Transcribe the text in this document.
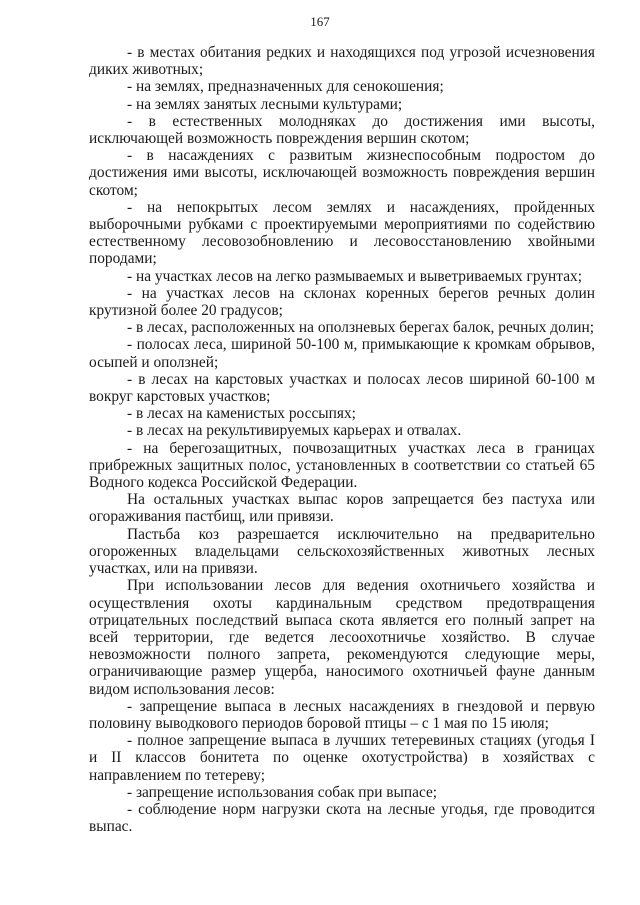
167

- в местах обитания редких и находящихся под угрозой исчезновения диких животных;

- на землях, предназначенных для сенокошения;

- на землях занятых лесными культурами;

- в естественных молодняках до достижения ими высоты, исключающей возможность повреждения вершин скотом;

- в насаждениях с развитым жизнеспособным подростом до достижения ими высоты, исключающей возможность повреждения вершин скотом;

- на непокрытых лесом землях и насаждениях, пройденных выборочными рубками с проектируемыми мероприятиями по содействию естественному лесовозобновлению и лесовосстановлению хвойными породами;

- на участках лесов на легко размываемых и выветриваемых грунтах;

- на участках лесов на склонах коренных берегов речных долин крутизной более 20 градусов;

- в лесах, расположенных на оползневых берегах балок, речных долин;

- полосах леса, шириной 50-100 м, примыкающие к кромкам обрывов, осыпей и оползней;

- в лесах на карстовых участках и полосах лесов шириной 60-100 м вокруг карстовых участков;

- в лесах на каменистых россыпях;

- в лесах на рекультивируемых карьерах и отвалах.

- на берегозащитных, почвозащитных участках леса в границах прибрежных защитных полос, установленных в соответствии со статьей 65 Водного кодекса Российской Федерации.

На остальных участках выпас коров запрещается без пастуха или огораживания пастбищ, или привязи.

Пастьба коз разрешается исключительно на предварительно огороженных владельцами сельскохозяйственных животных лесных участках, или на привязи.

При использовании лесов для ведения охотничьего хозяйства и осуществления охоты кардинальным средством предотвращения отрицательных последствий выпаса скота является его полный запрет на всей территории, где ведется лесоохотничье хозяйство. В случае невозможности полного запрета, рекомендуются следующие меры, ограничивающие размер ущерба, наносимого охотничьей фауне данным видом использования лесов:

- запрещение выпаса в лесных насаждениях в гнездовой и первую половину выводкового периодов боровой птицы – с 1 мая по 15 июля;

- полное запрещение выпаса в лучших тетеревиных стациях (угодья I и II классов бонитета по оценке охотустройства) в хозяйствах с направлением по тетереву;

- запрещение использования собак при выпасе;

- соблюдение норм нагрузки скота на лесные угодья, где проводится выпас.
